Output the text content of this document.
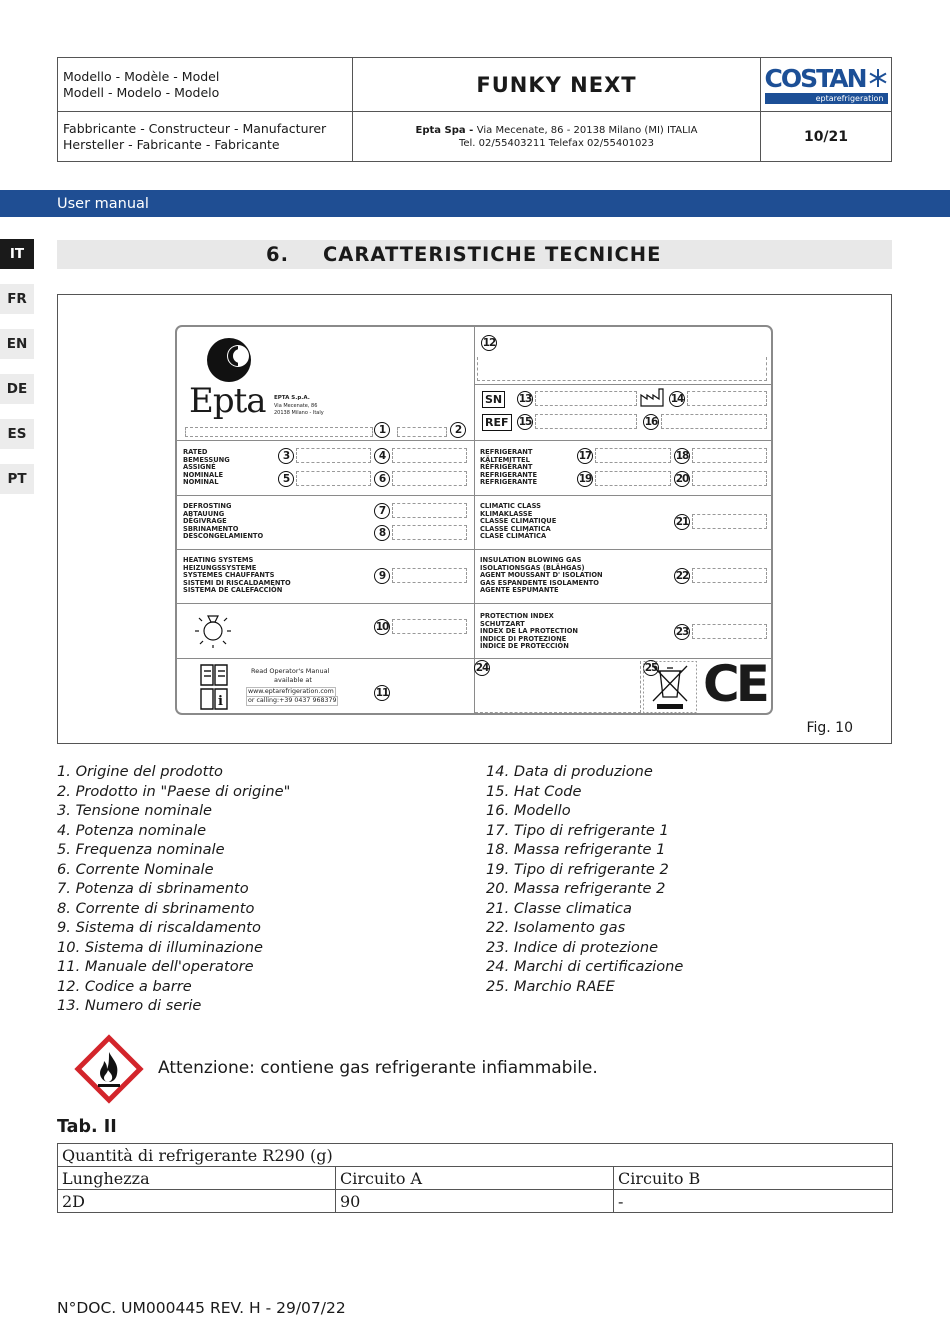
Modello - Modèle - Model
Modell - Modelo - Modelo	FUNKY NEXT	COSTAN
eptarefrigeration
Fabbricante - Constructeur - Manufacturer
Hersteller - Fabricante - Fabricante
Epta Spa - Via Mecenate, 86 - 20138 Milano (MI) ITALIA
Tel. 02/55403211 Telefax 02/55401023	10/21
User manual
IT
FR
EN
DE
ES
PT
6. CARATTERISTICHE TECNICHE
Epta EPTA S.p.A.
Via Mecenate, 86
20138 Milano - Italy
1	2
RATED
BEMESSUNG
ASSIGNÉ
NOMINALE
NOMINAL
3	4
5	6
DEFROSTING
ABTAUUNG
DÉGIVRAGE
SBRINAMENTO
DESCONGELAMIENTO
7
8
HEATING SYSTEMS
HEIZUNGSSYSTEME
SYSTEMES CHAUFFANTS
SISTEMI DI RISCALDAMENTO
SISTEMA DE CALEFACCIÓN
9
10
i
Read Operator's Manual
available at
www.eptarefrigeration.com
or calling:+39 0437 968379
11
12
SN 13	14
REF 15	16
REFRIGERANT
KÄLTEMITTEL
RÉFRIGÉRANT
REFRIGERANTE
REFRIGERANTE
17	18
19	20
CLIMATIC CLASS
KLIMAKLASSE
CLASSE CLIMATIQUE
CLASSE CLIMATICA
CLASE CLIMÁTICA
21
INSULATION BLOWING GAS
ISOLATIONSGAS (BLÄHGAS)
AGENT MOUSSANT D' ISOLATION
GAS ESPANDENTE ISOLAMENTO
AGENTE ESPUMANTE
22
PROTECTION INDEX
SCHUTZART
INDEX DE LA PROTECTION
INDICE DI PROTEZIONE
ÍNDICE DE PROTECCIÓN
23
24	25 CE
Fig. 10
1. Origine del prodotto
2. Prodotto in "Paese di origine"
3. Tensione nominale
4. Potenza nominale
5. Frequenza nominale
6. Corrente Nominale
7. Potenza di sbrinamento
8. Corrente di sbrinamento
9. Sistema di riscaldamento
10. Sistema di illuminazione
11. Manuale dell'operatore
12. Codice a barre
13. Numero di serie
14. Data di produzione
15. Hat Code
16. Modello
17. Tipo di refrigerante 1
18. Massa refrigerante 1
19. Tipo di refrigerante 2
20. Massa refrigerante 2
21. Classe climatica
22. Isolamento gas
23. Indice di protezione
24. Marchi di certificazione
25. Marchio RAEE
Attenzione: contiene gas refrigerante infiammabile.
Tab. II
Quantità di refrigerante R290 (g)		
Lunghezza	Circuito A	Circuito B
2D	90	-
N°DOC. UM000445 REV. H - 29/07/22
